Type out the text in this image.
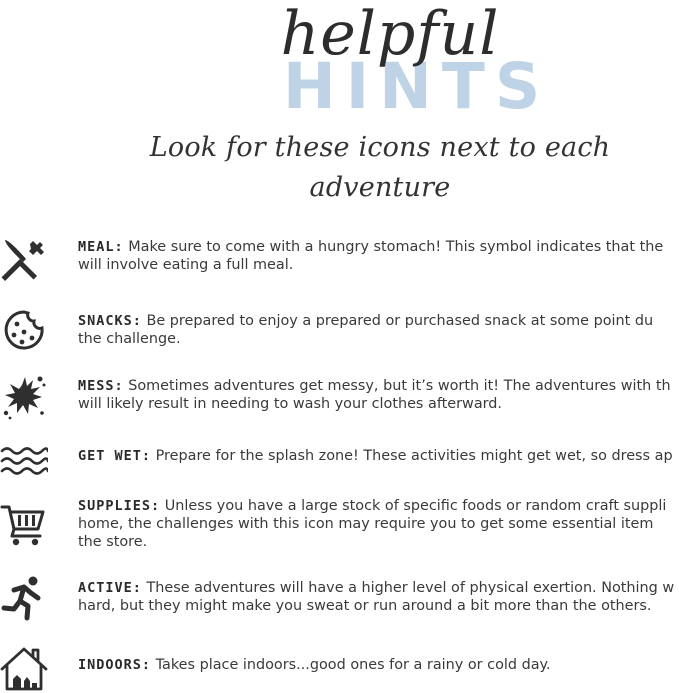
HINTS
helpful
Look for these icons next to each adventure
MEAL: Make sure to come with a hungry stomach! This symbol indicates that the
will involve eating a full meal.
SNACKS: Be prepared to enjoy a prepared or purchased snack at some point du
the challenge.
MESS: Sometimes adventures get messy, but it’s worth it! The adventures with th
will likely result in needing to wash your clothes afterward.
GET WET: Prepare for the splash zone! These activities might get wet, so dress ap
SUPPLIES: Unless you have a large stock of specific foods or random craft suppli
home, the challenges with this icon may require you to get some essential item
the store.
ACTIVE: These adventures will have a higher level of physical exertion. Nothing w
hard, but they might make you sweat or run around a bit more than the others.
INDOORS: Takes place indoors...good ones for a rainy or cold day.
